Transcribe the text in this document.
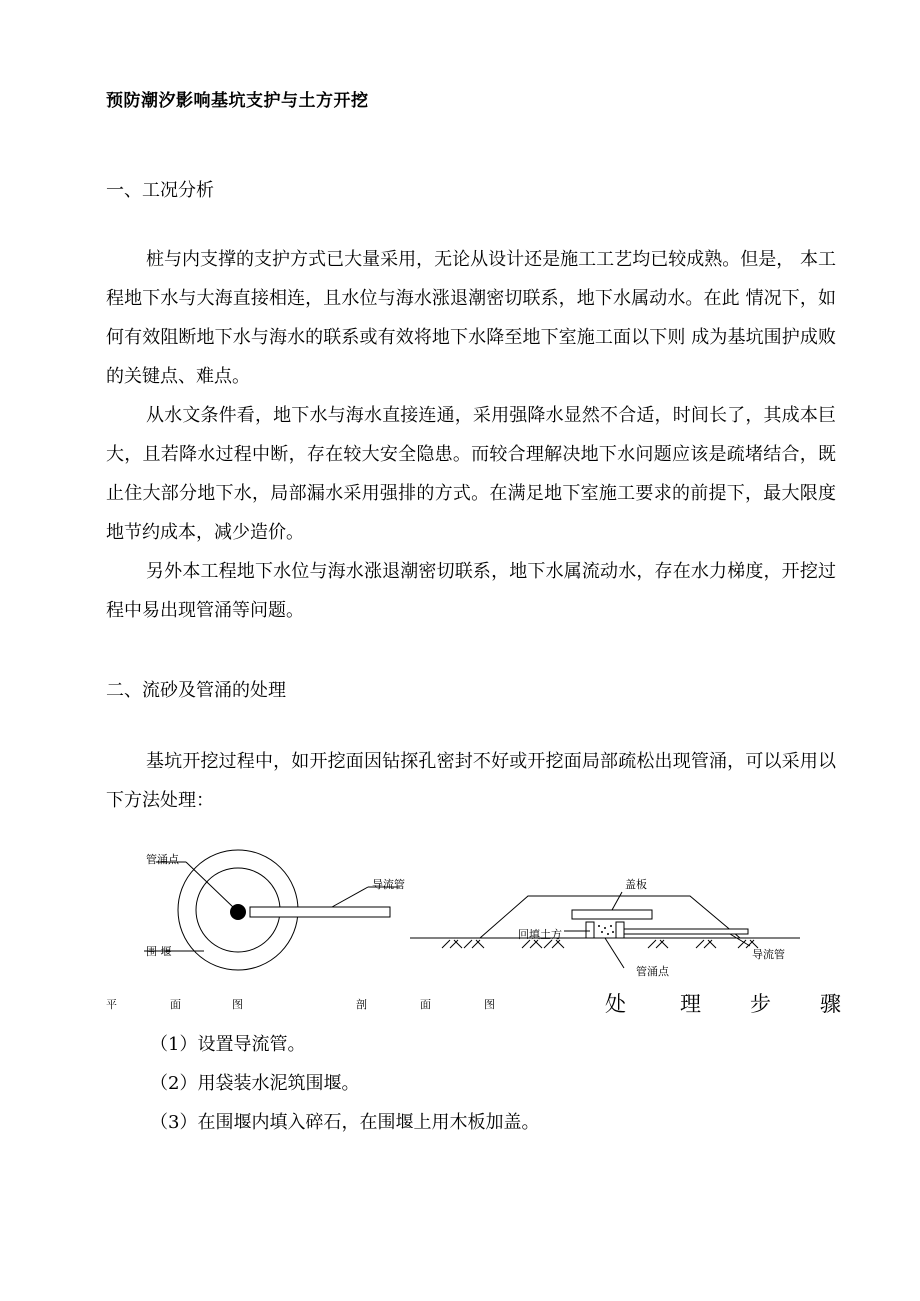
预防潮汐影响基坑支护与土方开挖
一、工况分析
桩与内支撑的支护方式已大量采用，无论从设计还是施工工艺均已较成熟。但是， 本工程地下水与大海直接相连，且水位与海水涨退潮密切联系，地下水属动水。在此 情况下，如何有效阻断地下水与海水的联系或有效将地下水降至地下室施工面以下则 成为基坑围护成败的关键点、难点。
从水文条件看，地下水与海水直接连通，采用强降水显然不合适，时间长了，其成本巨大，且若降水过程中断，存在较大安全隐患。而较合理解决地下水问题应该是疏堵结合，既止住大部分地下水，局部漏水采用强排的方式。在满足地下室施工要求的前提下，最大限度地节约成本，减少造价。
另外本工程地下水位与海水涨退潮密切联系，地下水属流动水，存在水力梯度，开挖过程中易出现管涌等问题。
二、流砂及管涌的处理
基坑开挖过程中，如开挖面因钻探孔密封不好或开挖面局部疏松出现管涌，可以采用以下方法处理：
管涌点
导流管
围 堰
盖板
回填土方
导流管
管涌点
平	面	图	剖	面	图	处	理 步 骤
（1）设置导流管。
（2）用袋装水泥筑围堰。
（3）在围堰内填入碎石，在围堰上用木板加盖。
